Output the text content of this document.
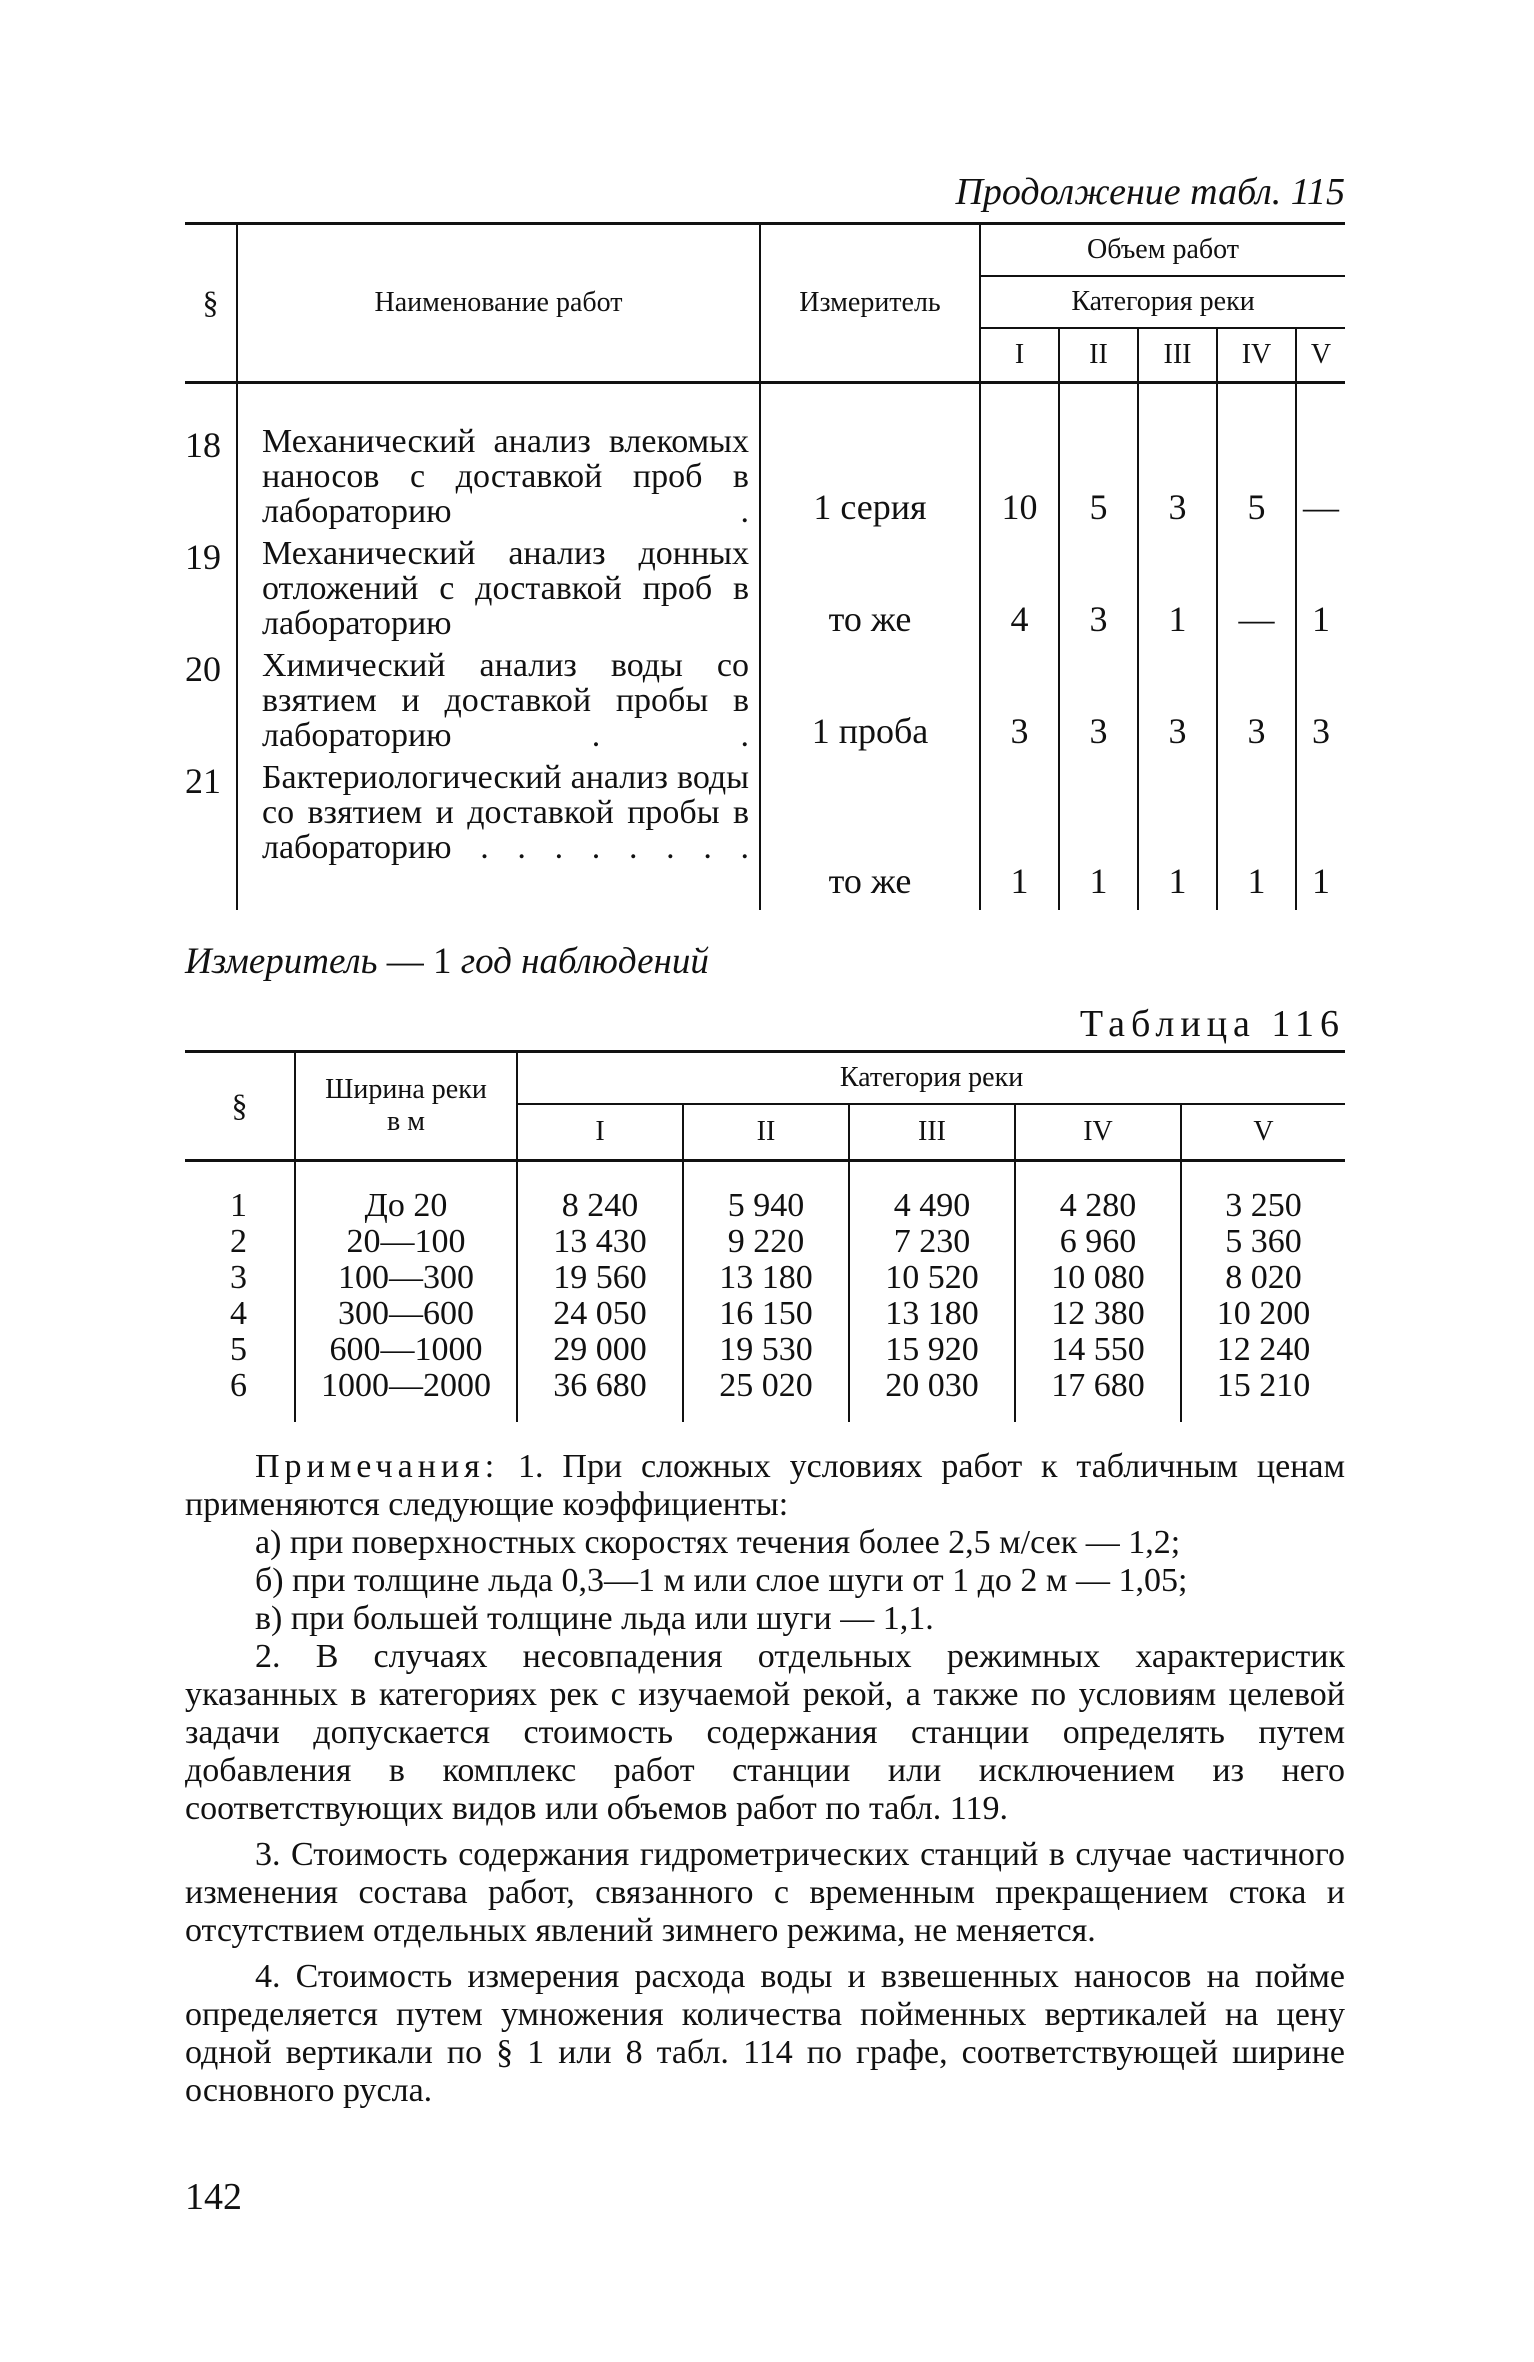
Продолжение табл. 115
§	Наименование работ	Измеритель	Объем работ				
			Категория реки				
			I	II	III	IV	V
18	Механический анализ влекомых наносов с доставкой проб в лабораторию .	1 серия	10	5	3	5	—
19	Механический анализ донных отложений с доставкой проб в лабораторию	то же	4	3	1	—	1
20	Химический анализ воды со взятием и доставкой пробы в лабораторию . .	1 проба	3	3	3	3	3
21	Бактериологический анализ воды со взятием и доставкой пробы в лабораторию . . . . . . . .	то же	1	1	1	1	1
Измеритель — 1 год наблюдений
Таблица 116
§	Ширина реки в м	Категория реки				
		I	II	III	IV	V
1	До 20	8 240	5 940	4 490	4 280	3 250
2	20—100	13 430	9 220	7 230	6 960	5 360
3	100—300	19 560	13 180	10 520	10 080	8 020
4	300—600	24 050	16 150	13 180	12 380	10 200
5	600—1000	29 000	19 530	15 920	14 550	12 240
6	1000—2000	36 680	25 020	20 030	17 680	15 210

Примечания: 1. При сложных условиях работ к табличным ценам применяются следующие коэффициенты:

а) при поверхностных скоростях течения более 2,5 м/сек — 1,2;

б) при толщине льда 0,3—1 м или слое шуги от 1 до 2 м — 1,05;

в) при большей толщине льда или шуги — 1,1.

2. В случаях несовпадения отдельных режимных характеристик указанных в категориях рек с изучаемой рекой, а также по условиям целевой задачи допускается стоимость содержания станции определять путем добавления в комплекс работ станции или исключением из него соответствующих видов или объемов работ по табл. 119.

3. Стоимость содержания гидрометрических станций в случае частичного изменения состава работ, связанного с временным прекращением стока и отсутствием отдельных явлений зимнего режима, не меняется.

4. Стоимость измерения расхода воды и взвешенных наносов на пойме определяется путем умножения количества пойменных вертикалей на цену одной вертикали по § 1 или 8 табл. 114 по графе, соответствующей ширине основного русла.

142
